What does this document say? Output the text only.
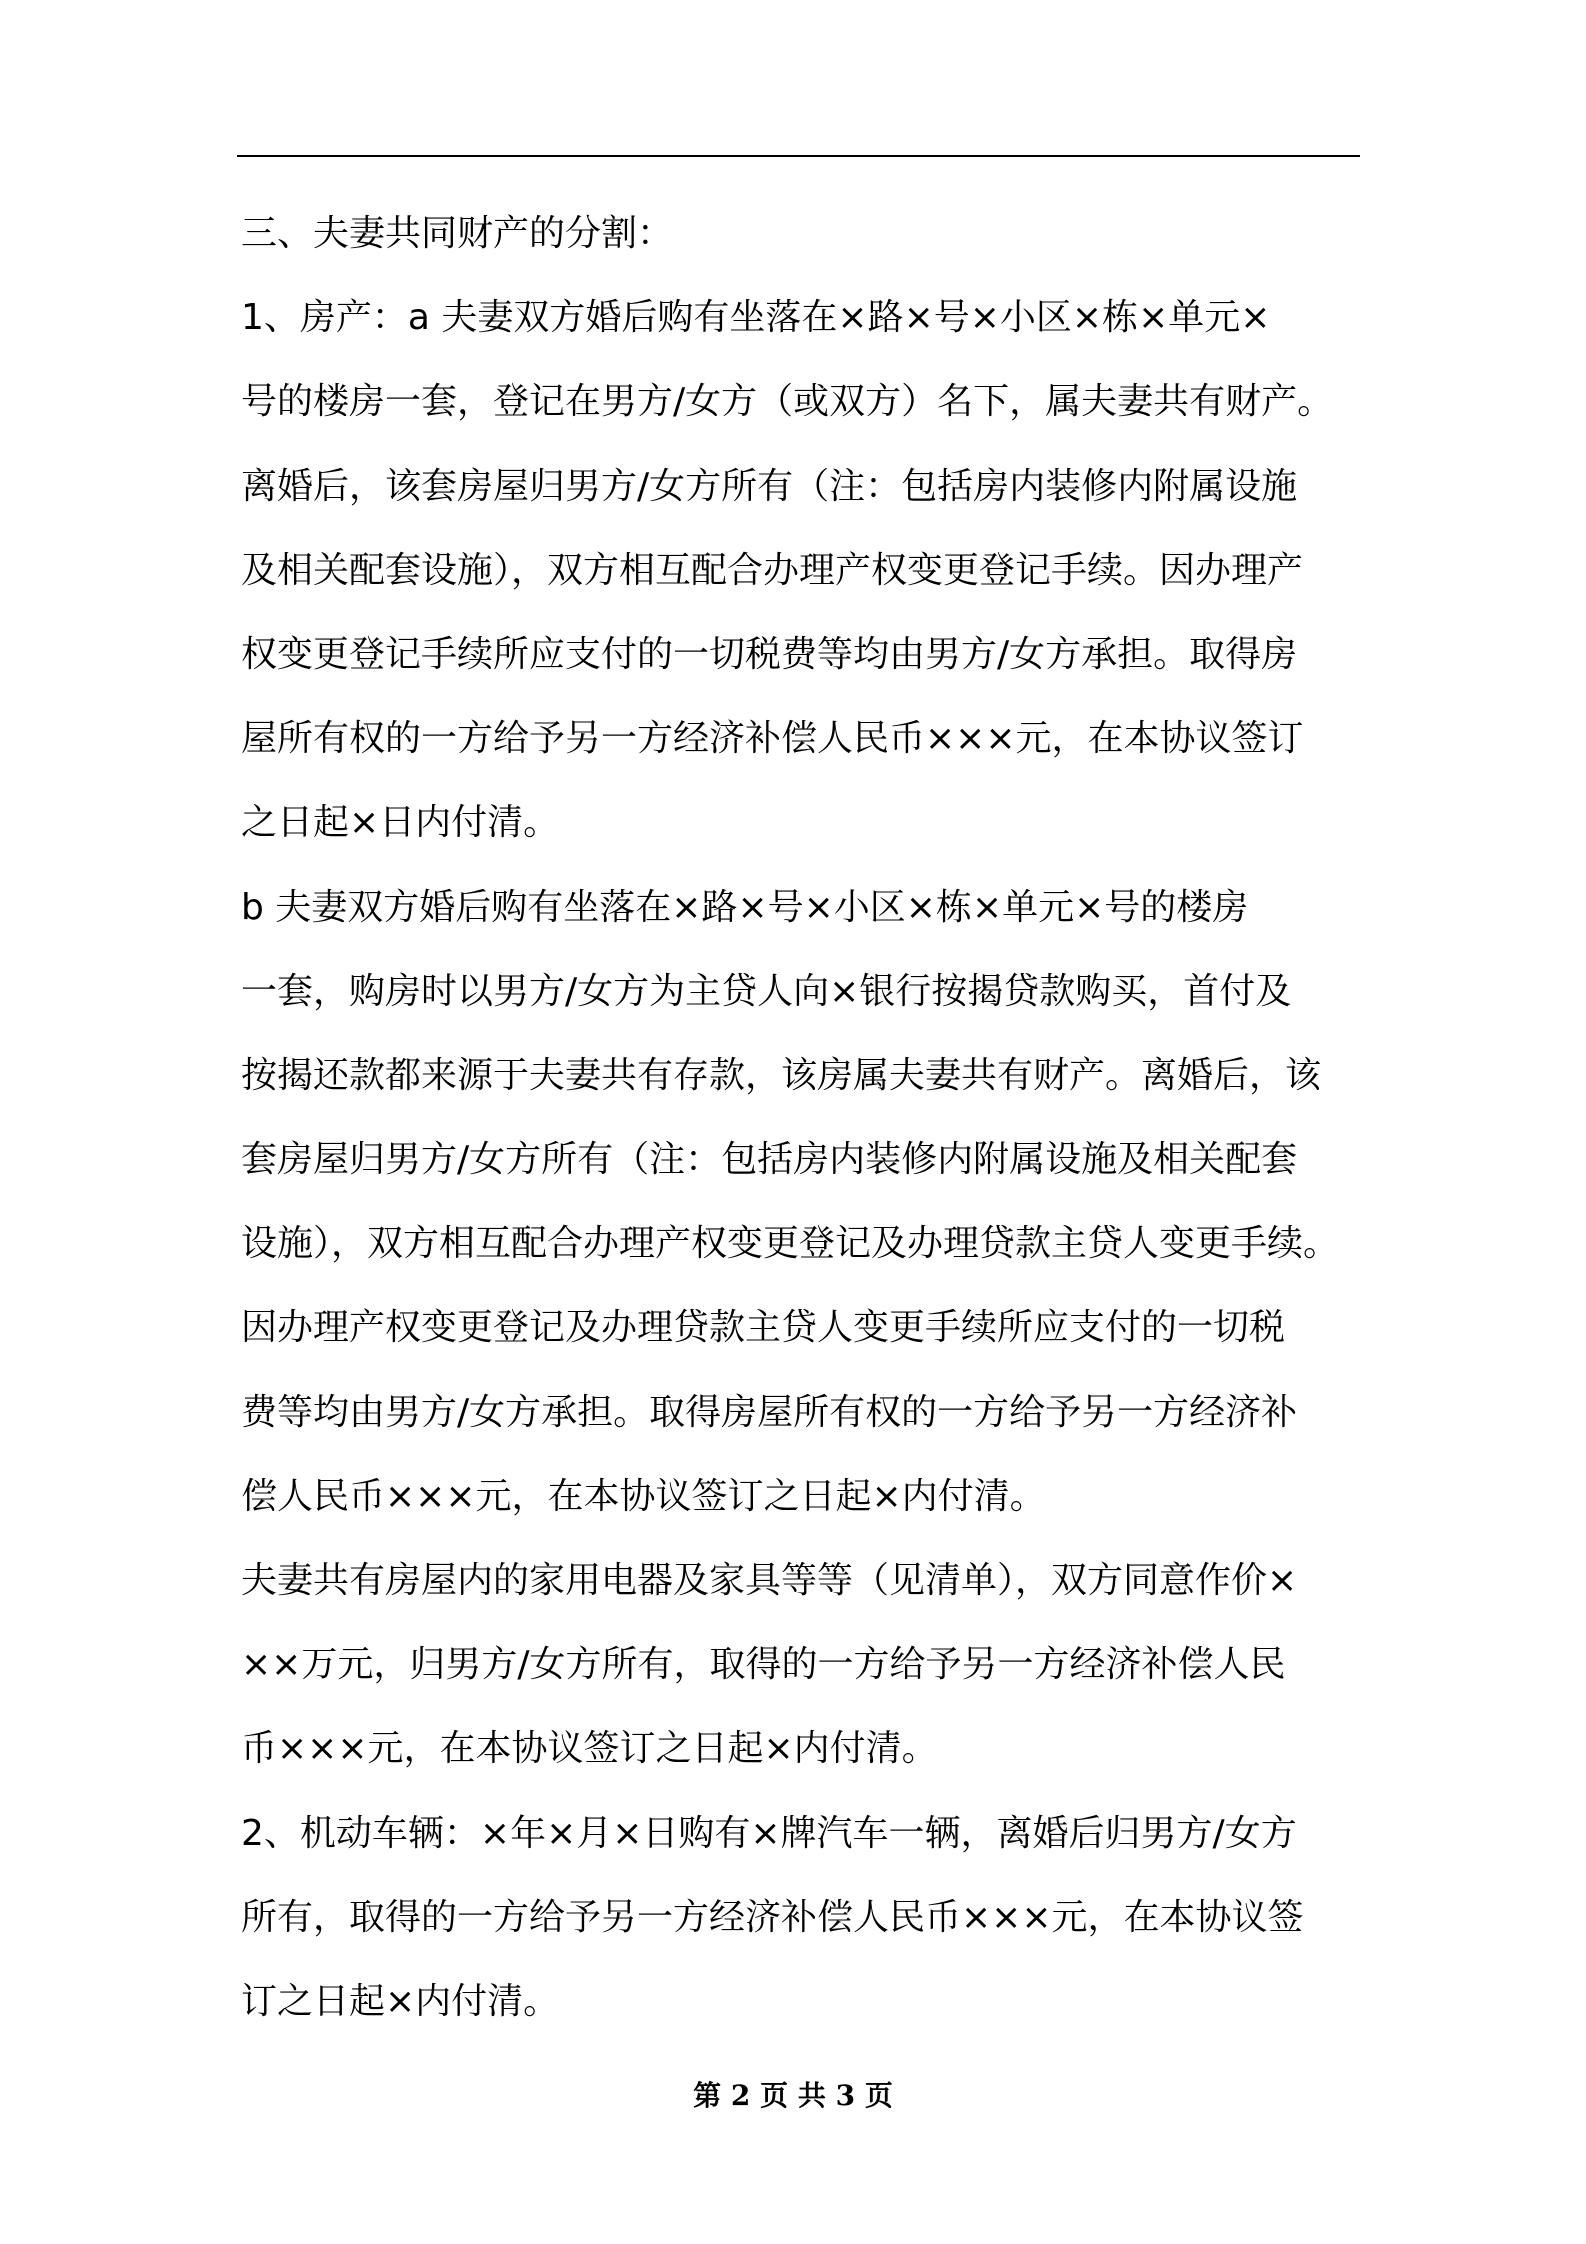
三、夫妻共同财产的分割：
1、房产：a 夫妻双方婚后购有坐落在×路×号×小区×栋×单元×
号的楼房一套，登记在男方/女方（或双方）名下，属夫妻共有财产。
离婚后，该套房屋归男方/女方所有（注：包括房内装修内附属设施
及相关配套设施），双方相互配合办理产权变更登记手续。因办理产
权变更登记手续所应支付的一切税费等均由男方/女方承担。取得房
屋所有权的一方给予另一方经济补偿人民币×××元，在本协议签订
之日起×日内付清。
b 夫妻双方婚后购有坐落在×路×号×小区×栋×单元×号的楼房
一套，购房时以男方/女方为主贷人向×银行按揭贷款购买，首付及
按揭还款都来源于夫妻共有存款，该房属夫妻共有财产。离婚后，该
套房屋归男方/女方所有（注：包括房内装修内附属设施及相关配套
设施），双方相互配合办理产权变更登记及办理贷款主贷人变更手续。
因办理产权变更登记及办理贷款主贷人变更手续所应支付的一切税
费等均由男方/女方承担。取得房屋所有权的一方给予另一方经济补
偿人民币×××元，在本协议签订之日起×内付清。
夫妻共有房屋内的家用电器及家具等等（见清单），双方同意作价×
××万元，归男方/女方所有，取得的一方给予另一方经济补偿人民
币×××元，在本协议签订之日起×内付清。
2、机动车辆：×年×月×日购有×牌汽车一辆，离婚后归男方/女方
所有，取得的一方给予另一方经济补偿人民币×××元，在本协议签
订之日起×内付清。
第 2 页 共 3 页
